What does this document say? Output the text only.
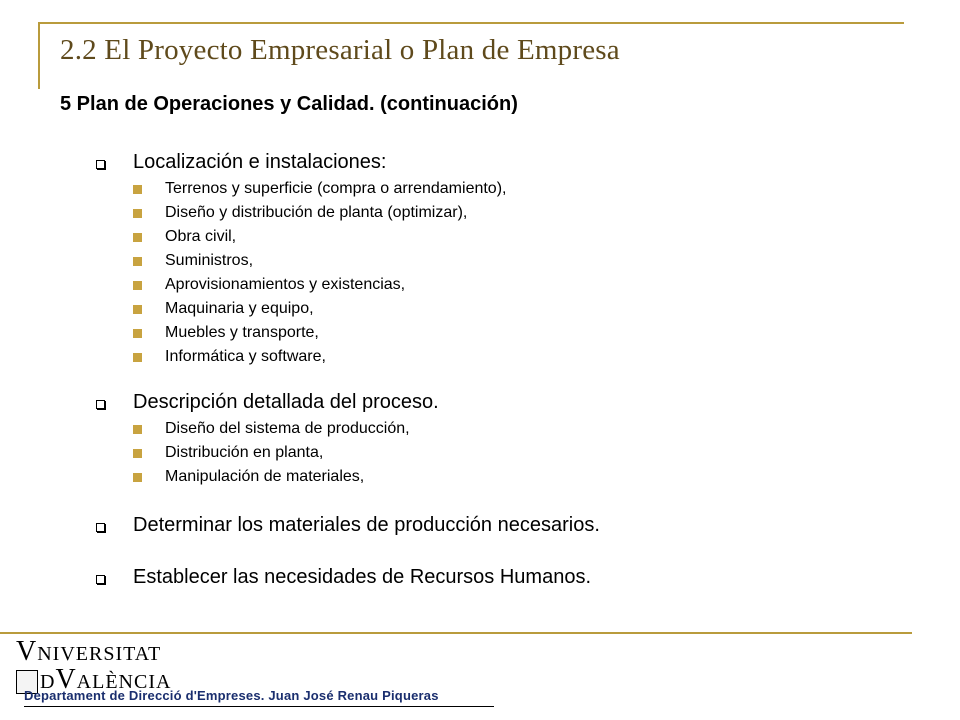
2.2 El Proyecto Empresarial o Plan de Empresa
5 Plan de Operaciones y Calidad. (continuación)
Localización e instalaciones:
Terrenos y superficie (compra o arrendamiento),
Diseño y distribución de planta (optimizar),
Obra civil,
Suministros,
Aprovisionamientos y existencias,
Maquinaria y equipo,
Muebles y transporte,
Informática y software,
Descripción detallada del proceso.
Diseño del sistema de producción,
Distribución en planta,
Manipulación de materiales,
Determinar los materiales de producción necesarios.
Establecer las necesidades de Recursos Humanos.
Vniversitat
dValència
Departament de Direcció d'Empreses. Juan José Renau Piqueras
